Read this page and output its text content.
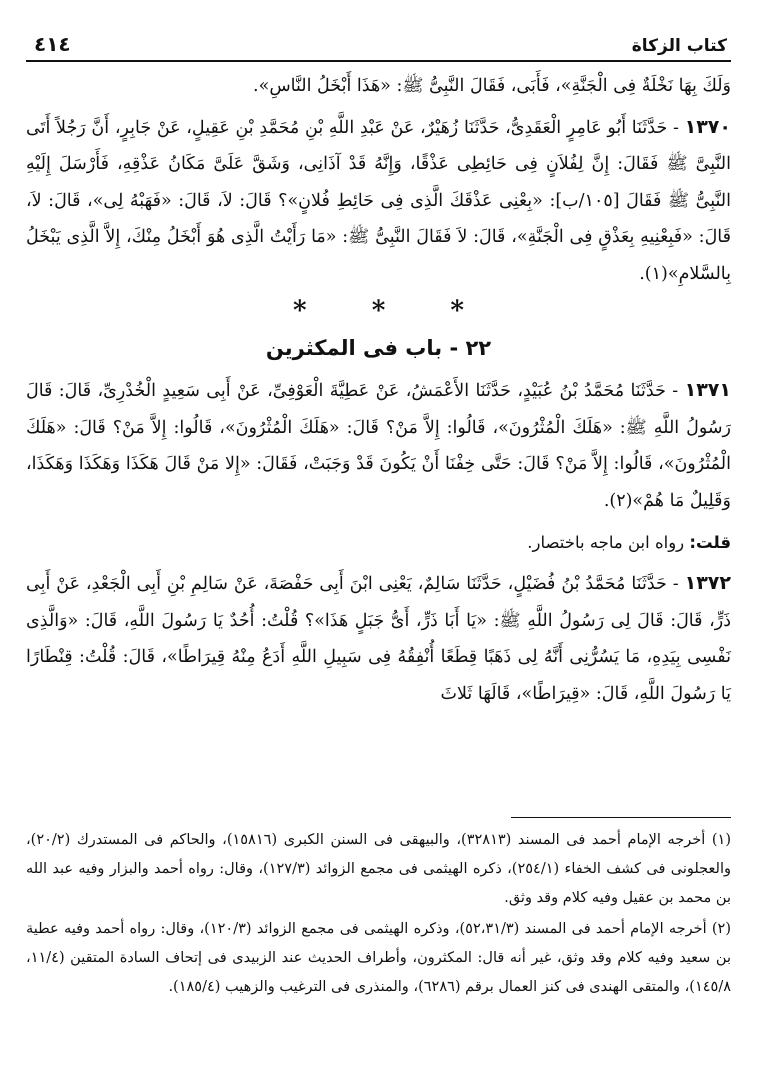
كتاب الزكاة
٤١٤

وَلَكَ بِهَا نَخْلَةٌ فِى الْجَنَّةِ»، فَأَبَى، فَقَالَ النَّبِىُّ ﷺ: «هَذَا أَبْخَلُ النَّاسِ».

١٣٧٠ - حَدَّثَنَا أَبُو عَامِرٍ الْعَقَدِىُّ، حَدَّثَنَا زُهَيْرٌ، عَنْ عَبْدِ اللَّهِ بْنِ مُحَمَّدِ بْنِ عَقِيلٍ، عَنْ جَابِرٍ، أَنَّ رَجُلاً أَتَى النَّبِىَّ ﷺ فَقَالَ: إِنَّ لِفُلاَنٍ فِى حَائِطِى عَذْقًا، وَإِنَّهُ قَدْ آذَانِى، وَشَقَّ عَلَىَّ مَكَانُ عَذْقِهِ، فَأَرْسَلَ إِلَيْهِ النَّبِىُّ ﷺ فَقَالَ [١٠٥/ب]: «بِعْنِى عَذْقَكَ الَّذِى فِى حَائِطِ فُلانٍ»؟ قَالَ: لاَ، قَالَ: «فَهَبْهُ لِى»، قَالَ: لاَ، قَالَ: «فَبِعْنِيهِ بِعَذْقٍ فِى الْجَنَّةِ»، قَالَ: لاَ فَقَالَ النَّبِىُّ ﷺ: «مَا رَأَيْتُ الَّذِى هُوَ أَبْخَلُ مِنْكَ، إِلاَّ الَّذِى يَبْخَلُ بِالسَّلامِ»(١).

* * *
٢٢ - باب فى المكثرين

١٣٧١ - حَدَّثَنَا مُحَمَّدُ بْنُ عُبَيْدٍ، حَدَّثَنَا الأَعْمَشُ، عَنْ عَطِيَّةَ الْعَوْفِىِّ، عَنْ أَبِى سَعِيدٍ الْخُدْرِىِّ، قَالَ: قَالَ رَسُولُ اللَّهِ ﷺ: «هَلَكَ الْمُثْرُونَ»، قَالُوا: إِلاَّ مَنْ؟ قَالَ: «هَلَكَ الْمُثْرُونَ»، قَالُوا: إِلاَّ مَنْ؟ قَالَ: «هَلَكَ الْمُثْرُونَ»، قَالُوا: إِلاَّ مَنْ؟ قَالَ: حَتَّى خِفْنَا أَنْ يَكُونَ قَدْ وَجَبَتْ، فَقَالَ: «إِلا مَنْ قَالَ هَكَذَا وَهَكَذَا وَهَكَذَا، وَقَلِيلٌ مَا هُمْ»(٢).

قلت: رواه ابن ماجه باختصار.

١٣٧٢ - حَدَّثَنَا مُحَمَّدُ بْنُ فُضَيْلٍ، حَدَّثَنَا سَالِمٌ، يَعْنِى ابْنَ أَبِى حَفْصَةَ، عَنْ سَالِمِ بْنِ أَبِى الْجَعْدِ، عَنْ أَبِى ذَرٍّ، قَالَ: قَالَ لِى رَسُولُ اللَّهِ ﷺ: «يَا أَبَا ذَرٍّ، أَىُّ جَبَلٍ هَذَا»؟ قُلْتُ: أُحُدٌ يَا رَسُولَ اللَّهِ، قَالَ: «وَالَّذِى نَفْسِى بِيَدِهِ، مَا يَسُرُّنِى أَنَّهُ لِى ذَهَبًا قِطَعًا أُنْفِقُهُ فِى سَبِيلِ اللَّهِ أَدَعُ مِنْهُ قِيرَاطًا»، قَالَ: قُلْتُ: قِنْطَارًا يَا رَسُولَ اللَّهِ، قَالَ: «قِيرَاطًا»، قَالَهَا ثَلاثَ

(١) أخرجه الإمام أحمد فى المسند (٣٢٨١٣)، والبيهقى فى السنن الكبرى (١٥٨١٦)، والحاكم فى المستدرك (٢٠/٢)، والعجلونى فى كشف الخفاء (٢٥٤/١)، ذكره الهيثمى فى مجمع الزوائد (١٢٧/٣)، وقال: رواه أحمد والبزار وفيه عبد الله بن محمد بن عقيل وفيه كلام وقد وثق.

(٢) أخرجه الإمام أحمد فى المسند (٥٢،٣١/٣)، وذكره الهيثمى فى مجمع الزوائد (١٢٠/٣)، وقال: رواه أحمد وفيه عطية بن سعيد وفيه كلام وقد وثق، غير أنه قال: المكثرون، وأطراف الحديث عند الزبيدى فى إتحاف السادة المتقين (١١/٤، ١٤٥/٨)، والمتقى الهندى فى كنز العمال برقم (٦٢٨٦)، والمنذرى فى الترغيب والزهيب (١٨٥/٤).
